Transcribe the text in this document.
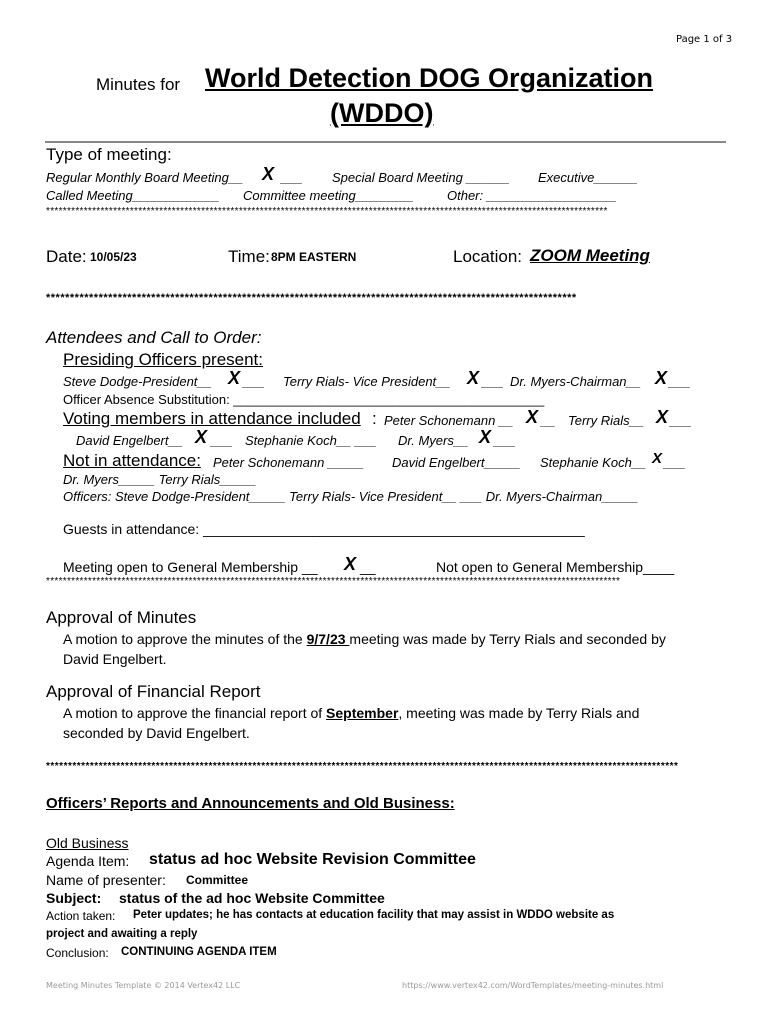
Page 1 of 3
Minutes for World Detection DOG Organization
(WDDO)
Type of meeting:
Regular Monthly Board Meeting__ X ___ Special Board Meeting ______ Executive______
Called Meeting____________ Committee meeting________	Other: __________________
**************************************************************************************************************************************
Date: 10/05/23	Time: 8PM EASTERN	Location: ZOOM Meeting
***************************************************************************************************************
Attendees and Call to Order:
Presiding Officers present:
Steve Dodge-President__ X ___ Terry Rials- Vice President__ X ___ Dr. Myers-Chairman__ X ___
Officer Absence Substitution: ___________________________________________
Voting members in attendance included : Peter Schonemann __ X __ Terry Rials__ X ___
David Engelbert__ X ___ Stephanie Koch__ ___ Dr. Myers__ X ___
Not in attendance: Peter Schonemann _____ David Engelbert_____ Stephanie Koch__ X ___
Dr. Myers_____ Terry Rials_____
Officers: Steve Dodge-President_____ Terry Rials- Vice President__ ___ Dr. Myers-Chairman_____
Guests in attendance: _________________________________________________
Meeting open to General Membership __ X __	Not open to General Membership____
*****************************************************************************************************************************************
Approval of Minutes
A motion to approve the minutes of the 9/7/23 meeting was made by Terry Rials and seconded by
David Engelbert.
Approval of Financial Report
A motion to approve the financial report of September, meeting was made by Terry Rials and
seconded by David Engelbert.
************************************************************************************************************************************************
Officers’ Reports and Announcements and Old Business:
Old Business
Agenda Item: status ad hoc Website Revision Committee
Name of presenter: Committee
Subject: status of the ad hoc Website Committee
Action taken: Peter updates; he has contacts at education facility that may assist in WDDO website as
project and awaiting a reply
Conclusion: CONTINUING AGENDA ITEM
Meeting Minutes Template © 2014 Vertex42 LLC	https://www.vertex42.com/WordTemplates/meeting-minutes.html
